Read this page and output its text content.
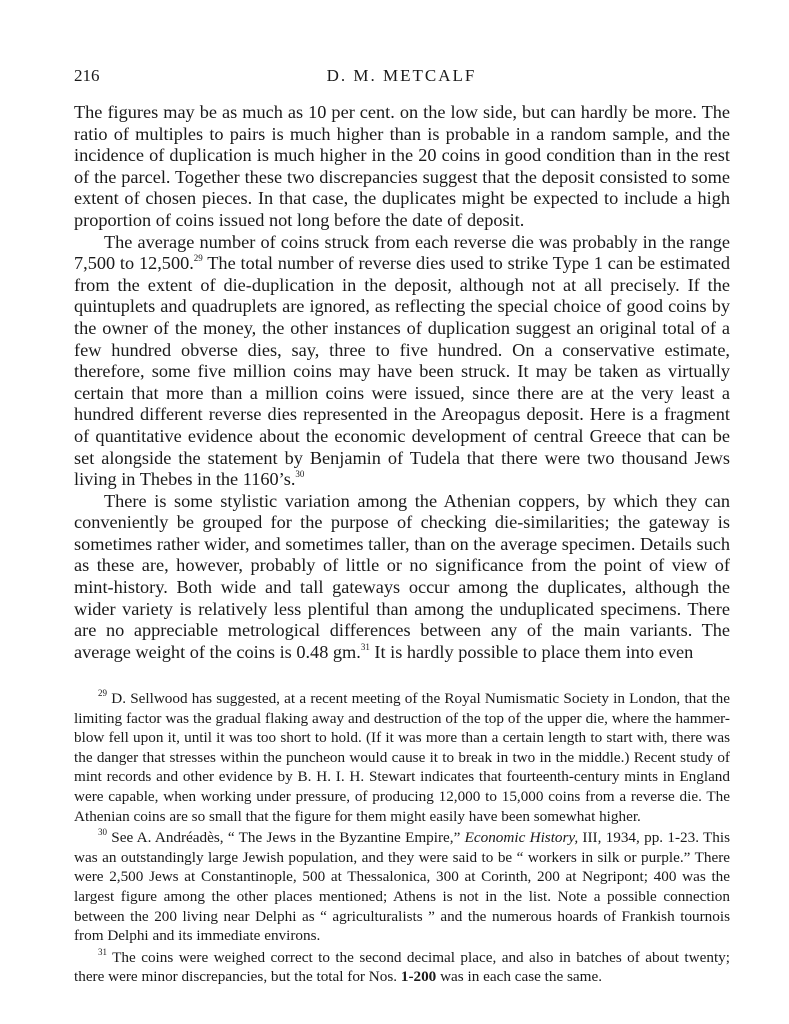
216	D. M. METCALF

The figures may be as much as 10 per cent. on the low side, but can hardly be more. The ratio of multiples to pairs is much higher than is probable in a random sample, and the incidence of duplication is much higher in the 20 coins in good condition than in the rest of the parcel. Together these two discrepancies suggest that the deposit consisted to some extent of chosen pieces. In that case, the duplicates might be expected to include a high proportion of coins issued not long before the date of deposit.

The average number of coins struck from each reverse die was probably in the range 7,500 to 12,500.29 The total number of reverse dies used to strike Type 1 can be estimated from the extent of die-duplication in the deposit, although not at all precisely. If the quintuplets and quadruplets are ignored, as reflecting the special choice of good coins by the owner of the money, the other instances of duplication suggest an original total of a few hundred obverse dies, say, three to five hundred. On a conservative estimate, therefore, some five million coins may have been struck. It may be taken as virtually certain that more than a million coins were issued, since there are at the very least a hundred different reverse dies represented in the Areopagus deposit. Here is a fragment of quantitative evidence about the economic development of central Greece that can be set alongside the statement by Benjamin of Tudela that there were two thousand Jews living in Thebes in the 1160’s.$^{30}$

There is some stylistic variation among the Athenian coppers, by which they can conveniently be grouped for the purpose of checking die-similarities; the gateway is sometimes rather wider, and sometimes taller, than on the average specimen. Details such as these are, however, probably of little or no significance from the point of view of mint-history. Both wide and tall gateways occur among the duplicates, although the wider variety is relatively less plentiful than among the unduplicated specimens. There are no appreciable metrological differences between any of the main variants. The average weight of the coins is 0.48 gm.$^{31}$ It is hardly possible to place them into even

$^{29}$ D. Sellwood has suggested, at a recent meeting of the Royal Numismatic Society in London, that the limiting factor was the gradual flaking away and destruction of the top of the upper die, where the hammer-blow fell upon it, until it was too short to hold. (If it was more than a certain length to start with, there was the danger that stresses within the puncheon would cause it to break in two in the middle.) Recent study of mint records and other evidence by B. H. I. H. Stewart indicates that fourteenth-century mints in England were capable, when working under pressure, of producing 12,000 to 15,000 coins from a reverse die. The Athenian coins are so small that the figure for them might easily have been somewhat higher.

$^{30}$ See A. Andréadès, “ The Jews in the Byzantine Empire,” Economic History, III, 1934, pp. 1-23. This was an outstandingly large Jewish population, and they were said to be “ workers in silk or purple.” There were 2,500 Jews at Constantinople, 500 at Thessalonica, 300 at Corinth, 200 at Negripont; 400 was the largest figure among the other places mentioned; Athens is not in the list. Note a possible connection between the 200 living near Delphi as “ agriculturalists ” and the numerous hoards of Frankish tournois from Delphi and its immediate environs.

$^{31}$ The coins were weighed correct to the second decimal place, and also in batches of about twenty; there were minor discrepancies, but the total for Nos. 1-200 was in each case the same.
